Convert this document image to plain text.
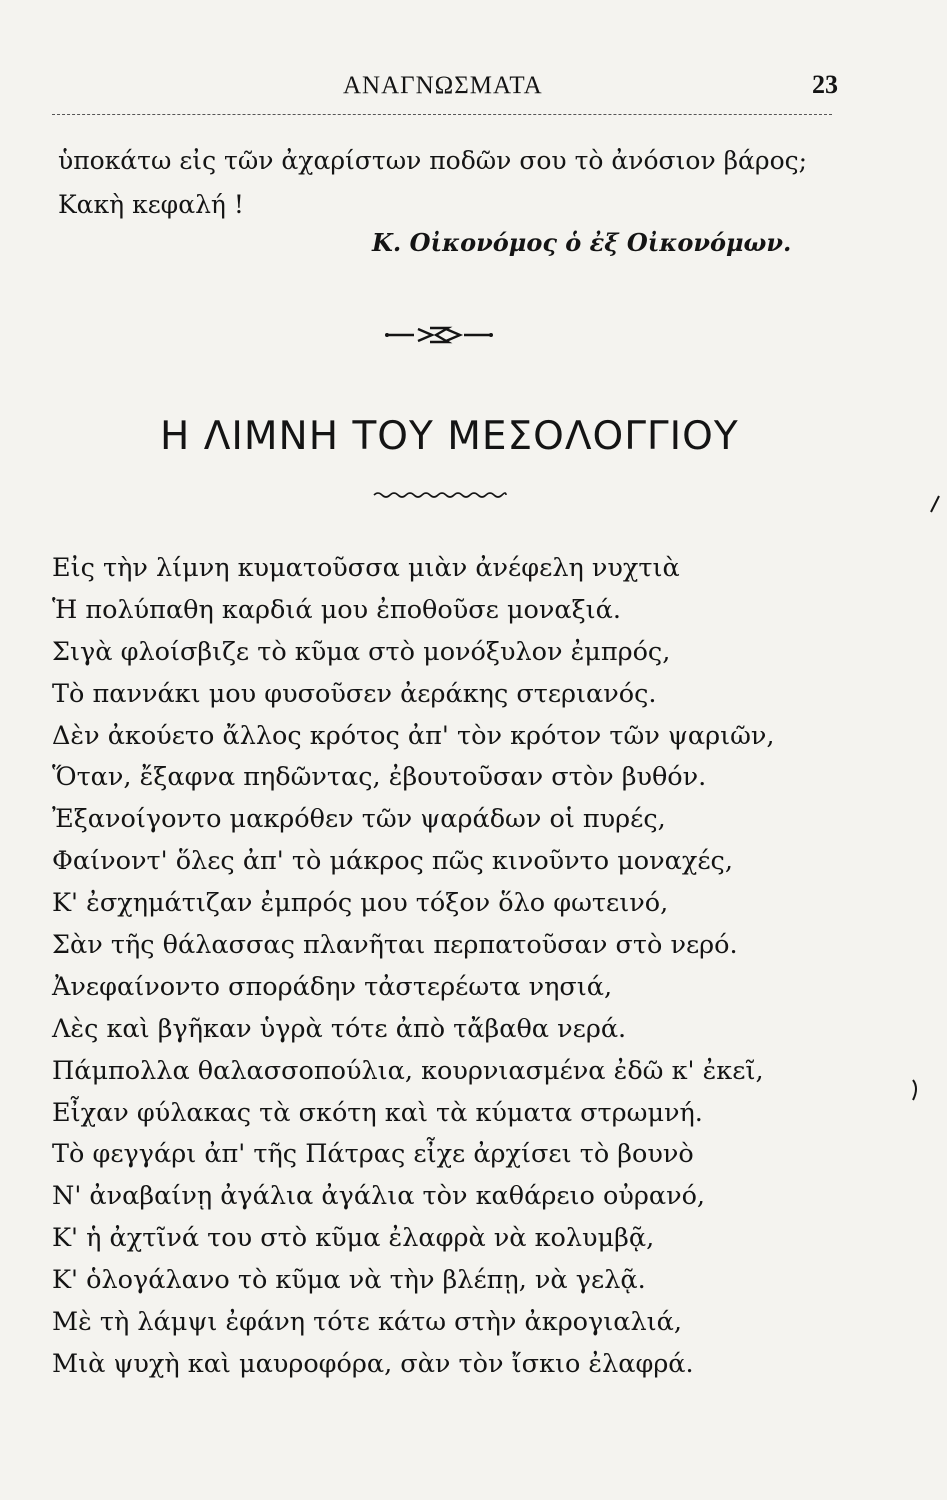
ΑΝΑΓΝΩΣΜΑΤΑ	23
ὑποκάτω εἰς τῶν ἀχαρίστων ποδῶν σου τὸ ἀνόσιον βάρος;
Κακὴ κεφαλή !
Κ. Οἰκονόμος ὁ ἐξ Οἰκονόμων.
Η ΛΙΜΝΗ ΤΟΥ ΜΕΣΟΛΟΓΓΙΟΥ
Εἰς τὴν λίμνη κυματοῦσσα μιὰν ἀνέφελη νυχτιὰ
Ἡ πολύπαθη καρδιά μου ἐποθοῦσε μοναξιά.
Σιγὰ φλοίσβιζε τὸ κῦμα στὸ μονόξυλον ἐμπρός,
Τὸ παννάκι μου φυσοῦσεν ἀεράκης στεριανός.
Δὲν ἀκούετο ἄλλος κρότος ἀπ' τὸν κρότον τῶν ψαριῶν,
Ὅταν, ἔξαφνα πηδῶντας, ἐβουτοῦσαν στὸν βυθόν.
Ἐξανοίγοντο μακρόθεν τῶν ψαράδων οἱ πυρές,
Φαίνοντ' ὅλες ἀπ' τὸ μάκρος πῶς κινοῦντο μοναχές,
Κ' ἐσχημάτιζαν ἐμπρός μου τόξον ὅλο φωτεινό,
Σὰν τῆς θάλασσας πλανῆται περπατοῦσαν στὸ νερό.
Ἀνεφαίνοντο σποράδην τἀστερέωτα νησιά,
Λὲς καὶ βγῆκαν ὑγρὰ τότε ἀπὸ τἄβαθα νερά.
Πάμπολλα θαλασσοπούλια, κουρνιασμένα ἐδῶ κ' ἐκεῖ,
Εἶχαν φύλακας τὰ σκότη καὶ τὰ κύματα στρωμνή.
Τὸ φεγγάρι ἀπ' τῆς Πάτρας εἶχε ἀρχίσει τὸ βουνὸ
Ν' ἀναβαίνῃ ἀγάλια ἀγάλια τὸν καθάρειο οὐρανό,
Κ' ἡ ἀχτῖνά του στὸ κῦμα ἐλαφρὰ νὰ κολυμβᾷ,
Κ' ὁλογάλανο τὸ κῦμα νὰ τὴν βλέπῃ, νὰ γελᾷ.
Μὲ τὴ λάμψι ἐφάνη τότε κάτω στὴν ἀκρογιαλιά,
Μιὰ ψυχὴ καὶ μαυροφόρα, σὰν τὸν ἴσκιο ἐλαφρά.
